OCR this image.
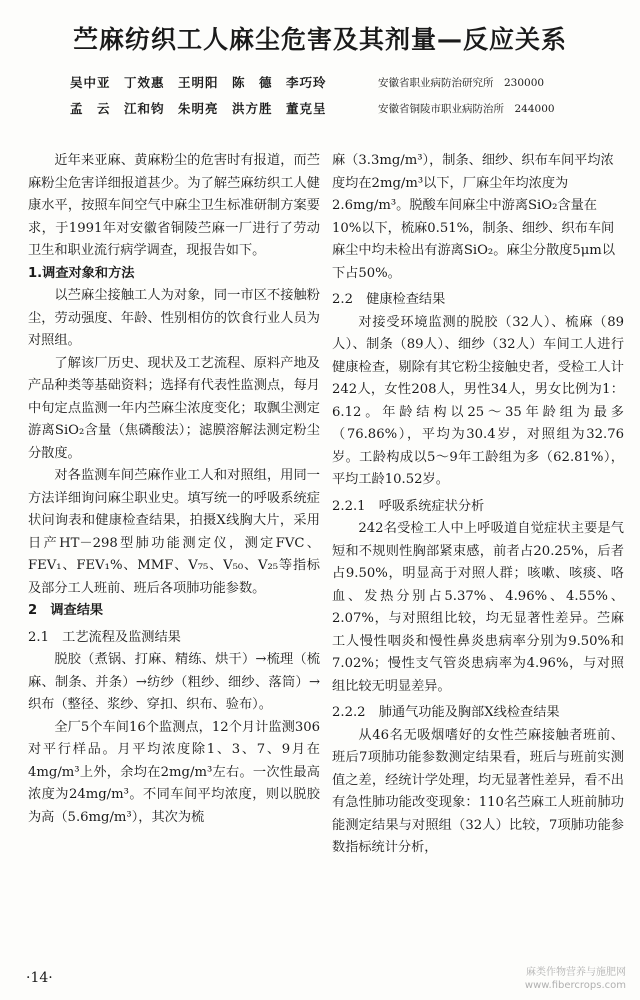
苎麻纺织工人麻尘危害及其剂量—反应关系
吴中亚　丁效惠　王明阳　陈　德　李巧玲	安徽省职业病防治研究所　230000
孟　云　江和钧　朱明亮　洪方胜　董克呈	安徽省铜陵市职业病防治所　244000

近年来亚麻、黄麻粉尘的危害时有报道，而苎麻粉尘危害详细报道甚少。为了解苎麻纺织工人健康水平，按照车间空气中麻尘卫生标准研制方案要求，于1991年对安徽省铜陵苎麻一厂进行了劳动卫生和职业流行病学调查，现报告如下。

1.调查对象和方法

以苎麻尘接触工人为对象，同一市区不接触粉尘，劳动强度、年龄、性别相仿的饮食行业人员为对照组。

了解该厂历史、现状及工艺流程、原料产地及产品种类等基础资料；选择有代表性监测点，每月中旬定点监测一年内苎麻尘浓度变化；取飘尘测定游离SiO₂含量（焦磷酸法）；滤膜溶解法测定粉尘分散度。

对各监测车间苎麻作业工人和对照组，用同一方法详细询问麻尘职业史。填写统一的呼吸系统症状问询表和健康检查结果，拍摄X线胸大片，采用日产HT－298型肺功能测定仪，测定FVC、FEV₁、FEV₁%、MMF、V₇₅、V₅₀、V₂₅等指标及部分工人班前、班后各项肺功能参数。

2　调查结果

2.1　工艺流程及监测结果

脱胶（煮锅、打麻、精练、烘干）→梳理（梳麻、制条、并条）→纺纱（粗纱、细纱、落筒）→织布（整径、浆纱、穿扣、织布、验布）。

全厂5个车间16个监测点，12个月计监测306对平行样品。月平均浓度除1、3、7、9月在4mg/m³上外，余均在2mg/m³左右。一次性最高浓度为24mg/m³。不同车间平均浓度，则以脱胶为高（5.6mg/m³），其次为梳

麻（3.3mg/m³），制条、细纱、织布车间平均浓度均在2mg/m³以下，厂麻尘年均浓度为2.6mg/m³。脱酸车间麻尘中游离SiO₂含量在10%以下，梳麻0.51%，制条、细纱、织布车间麻尘中均未检出有游离SiO₂。麻尘分散度5μm以下占50%。

2.2　健康检查结果

对接受环境监测的脱胶（32人）、梳麻（89人）、制条（89人）、细纱（32人）车间工人进行健康检查，剔除有其它粉尘接触史者，受检工人计242人，女性208人，男性34人，男女比例为1：6.12。年龄结构以25～35年龄组为最多（76.86%），平均为30.4岁，对照组为32.76岁。工龄构成以5～9年工龄组为多（62.81%），平均工龄10.52岁。

2.2.1　呼吸系统症状分析

242名受检工人中上呼吸道自觉症状主要是气短和不规则性胸部紧束感，前者占20.25%，后者占9.50%，明显高于对照人群；咳嗽、咳痰、咯血、发热分别占5.37%、4.96%、4.55%、2.07%，与对照组比较，均无显著性差异。苎麻工人慢性咽炎和慢性鼻炎患病率分别为9.50%和7.02%；慢性支气管炎患病率为4.96%，与对照组比较无明显差异。

2.2.2　肺通气功能及胸部X线检查结果

从46名无吸烟嗜好的女性苎麻接触者班前、班后7项肺功能参数测定结果看，班后与班前实测值之差，经统计学处理，均无显著性差异，看不出有急性肺功能改变现象：110名苎麻工人班前肺功能测定结果与对照组（32人）比较，7项肺功能参数指标统计分析，

·14·	麻类作物营养与施肥网
www.fibercrops.com
